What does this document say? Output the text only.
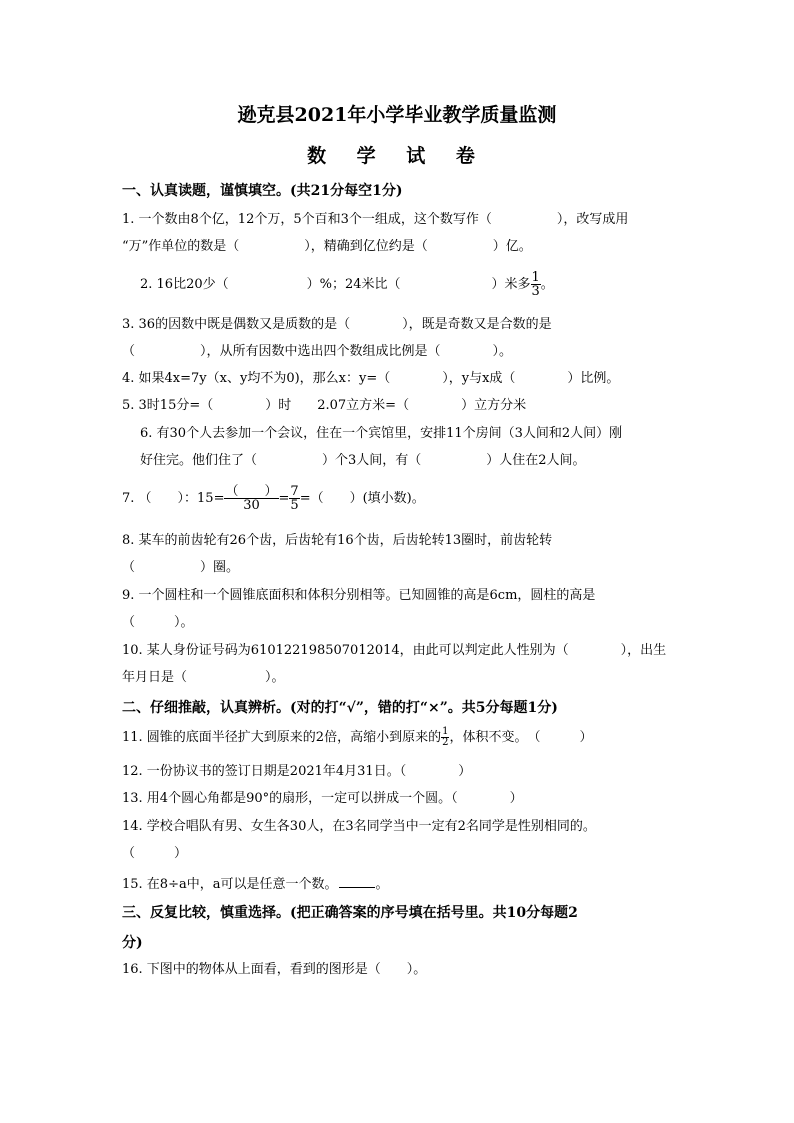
逊克县2021年小学毕业教学质量监测
数 学 试 卷
一、认真读题，谨慎填空。(共21分每空1分)
1. 一个数由8个亿，12个万，5个百和3个一组成，这个数写作（　　　　　），改写成用
“万”作单位的数是（　　　　　），精确到亿位约是（　　　　　）亿。
2. 16比20少（　　　　　　）%；24米比（　　　　　　　）米多 $\frac{1}{3}$ 。
3. 36的因数中既是偶数又是质数的是（　　　　），既是奇数又是合数的是
（　　　　　），从所有因数中选出四个数组成比例是（　　　　）。
4. 如果4x=7y（x、y均不为0)，那么x：y=（　　　　），y与x成（　　　　）比例。
5. 3时15分=（　　　　）时　　2.07立方米=（　　　　）立方分米
6. 有30个人去参加一个会议，住在一个宾馆里，安排11个房间（3人间和2人间）刚
好住完。他们住了（　　　　　）个3人间，有（　　　　　）人住在2人间。
7. （　　）：$15= \frac{( )}{30} = \frac{7}{5}$ =（　　）(填小数)。
8. 某车的前齿轮有26个齿，后齿轮有16个齿，后齿轮转13圈时，前齿轮转
（　　　　　）圈。
9. 一个圆柱和一个圆锥底面积和体积分别相等。已知圆锥的高是6cm，圆柱的高是
（　　　）。
10. 某人身份证号码为610122198507012014，由此可以判定此人性别为（　　　　），出生
年月日是（　　　　　　）。
二、仔细推敲，认真辨析。(对的打“√”，错的打“×”。共5分每题1分)
11. 圆锥的底面半径扩大到原来的2倍，高缩小到原来的 $\frac{1}{2}$ ，体积不变。　（　　　）
12. 一份协议书的签订日期是2021年4月31日。（　　　　）
13. 用4个圆心角都是90°的扇形，一定可以拼成一个圆。（　　　　）
14. 学校合唱队有男、女生各30人，在3名同学当中一定有2名同学是性别相同的。
（　　　）
15. 在8÷a中，a可以是任意一个数。	。
三、反复比较，慎重选择。(把正确答案的序号填在括号里。共10分每题2
分)
16. 下图中的物体从上面看，看到的图形是（　　）。
